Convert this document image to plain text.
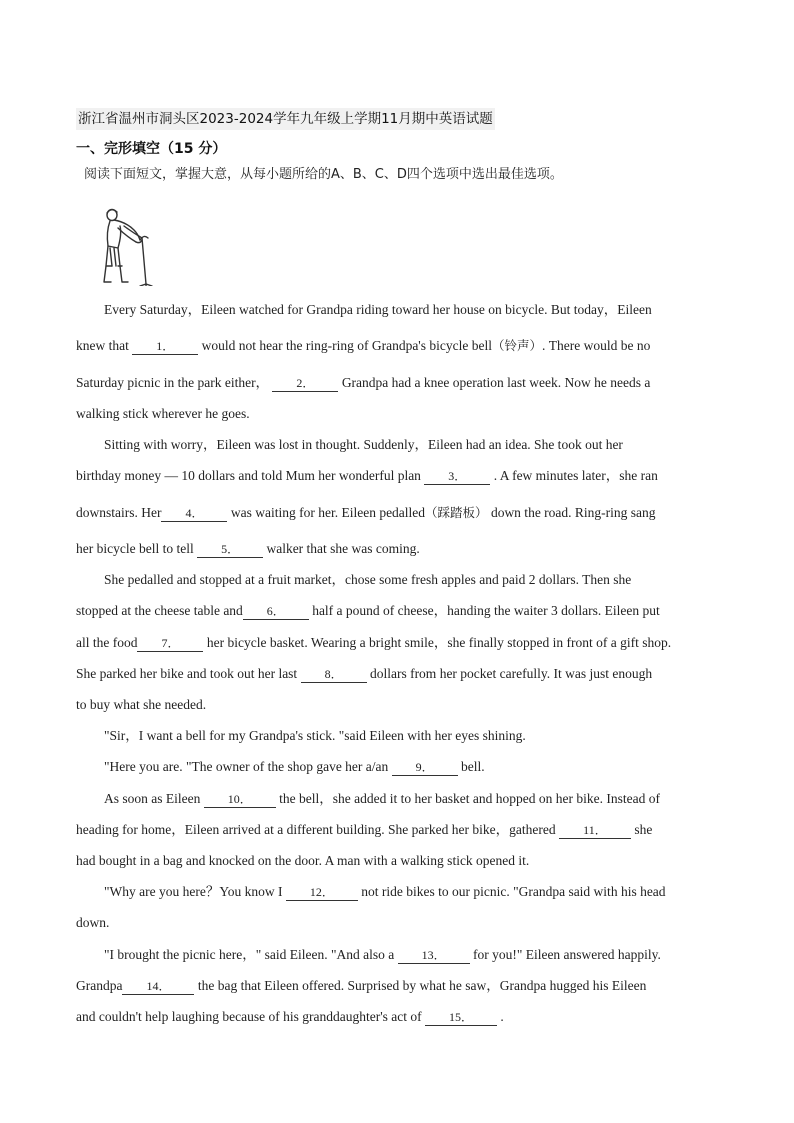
浙江省温州市洞头区2023-2024学年九年级上学期11月期中英语试题
一、完形填空（15 分）
阅读下面短文，掌握大意，从每小题所给的A、B、C、D四个选项中选出最佳选项。
Every Saturday，Eileen watched for Grandpa riding toward her house on bicycle. But today，Eileen
knew that 1． would not hear the ring-ring of Grandpa's bicycle bell（铃声）. There would be no
Saturday picnic in the park either， 2． Grandpa had a knee operation last week. Now he needs a
walking stick wherever he goes.
Sitting with worry，Eileen was lost in thought. Suddenly，Eileen had an idea. She took out her
birthday money — 10 dollars and told Mum her wonderful plan 3． . A few minutes later，she ran
downstairs. Her 4． was waiting for her. Eileen pedalled（踩踏板） down the road. Ring-ring sang
her bicycle bell to tell 5． walker that she was coming.
She pedalled and stopped at a fruit market，chose some fresh apples and paid 2 dollars. Then she
stopped at the cheese table and 6． half a pound of cheese，handing the waiter 3 dollars. Eileen put
all the food 7． her bicycle basket. Wearing a bright smile，she finally stopped in front of a gift shop.
She parked her bike and took out her last 8． dollars from her pocket carefully. It was just enough
to buy what she needed.
"Sir，I want a bell for my Grandpa's stick. "said Eileen with her eyes shining.
"Here you are. "The owner of the shop gave her a/an 9． bell.
As soon as Eileen 10． the bell，she added it to her basket and hopped on her bike. Instead of
heading for home，Eileen arrived at a different building. She parked her bike，gathered 11． she
had bought in a bag and knocked on the door. A man with a walking stick opened it.
"Why are you here？You know I 12． not ride bikes to our picnic. "Grandpa said with his head
down.
"I brought the picnic here，" said Eileen. "And also a 13． for you!" Eileen answered happily.
Grandpa 14． the bag that Eileen offered. Surprised by what he saw，Grandpa hugged his Eileen
and couldn't help laughing because of his granddaughter's act of 15． .
